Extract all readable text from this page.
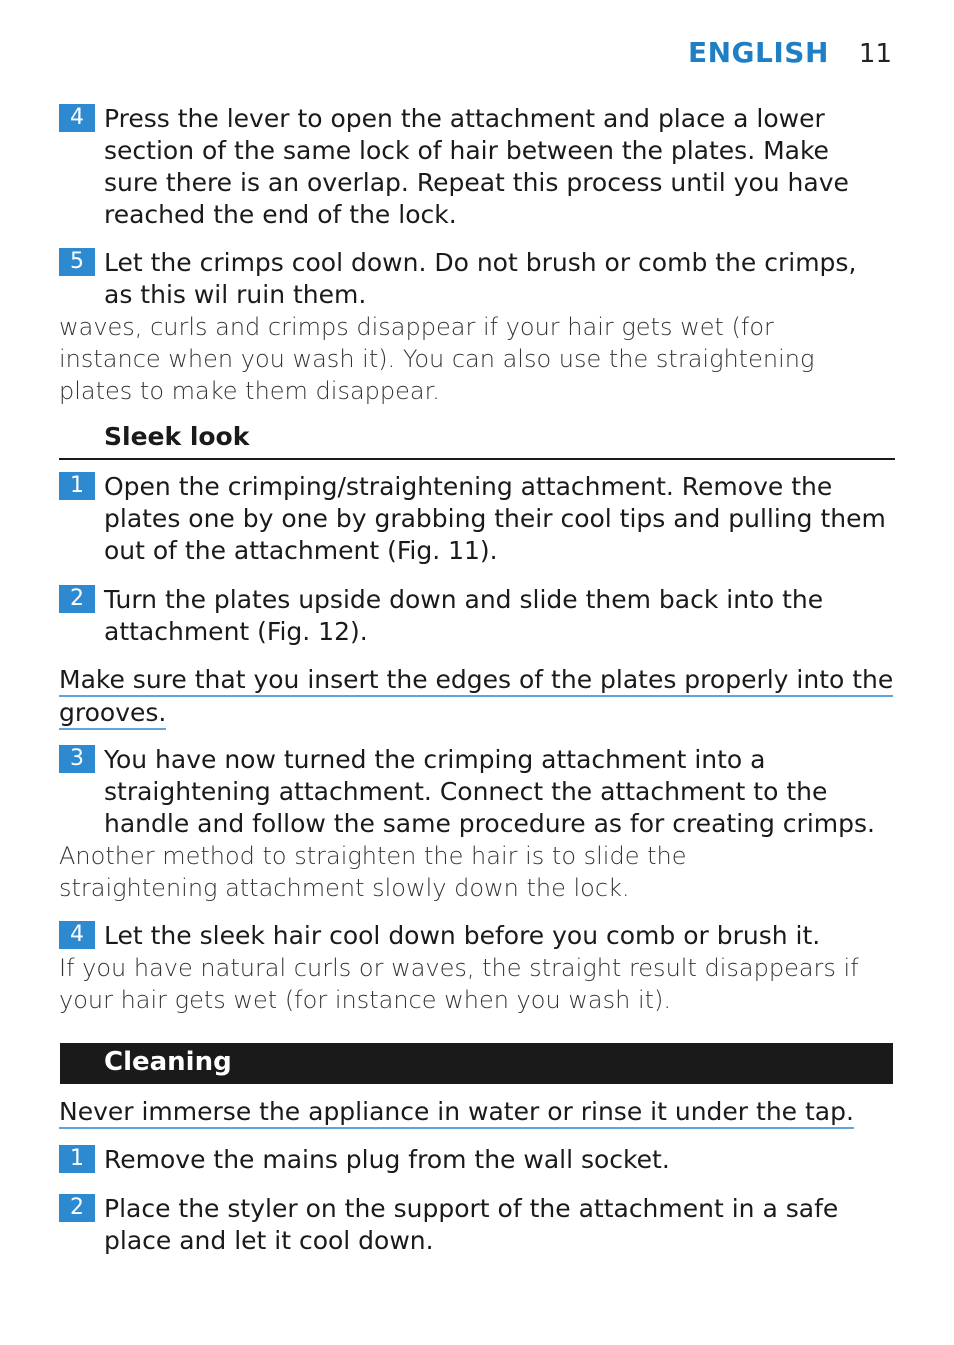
ENGLISH 11
4 Press the lever to open the attachment and place a lower section of the same lock of hair between the plates. Make sure there is an overlap. Repeat this process until you have reached the end of the lock.
5 Let the crimps cool down. Do not brush or comb the crimps, as this wil ruin them.
waves, curls and crimps disappear if your hair gets wet (for instance when you wash it). You can also use the straightening plates to make them disappear.
Sleek look
1 Open the crimping/straightening attachment. Remove the plates one by one by grabbing their cool tips and pulling them out of the attachment (Fig. 11).
2 Turn the plates upside down and slide them back into the attachment (Fig. 12).
Make sure that you insert the edges of the plates properly into the
grooves.
3 You have now turned the crimping attachment into a straightening attachment. Connect the attachment to the handle and follow the same procedure as for creating crimps.
Another method to straighten the hair is to slide the straightening attachment slowly down the lock.
4 Let the sleek hair cool down before you comb or brush it.
If you have natural curls or waves, the straight result disappears if your hair gets wet (for instance when you wash it).
Cleaning
Never immerse the appliance in water or rinse it under the tap.
1 Remove the mains plug from the wall socket.
2 Place the styler on the support of the attachment in a safe place and let it cool down.
